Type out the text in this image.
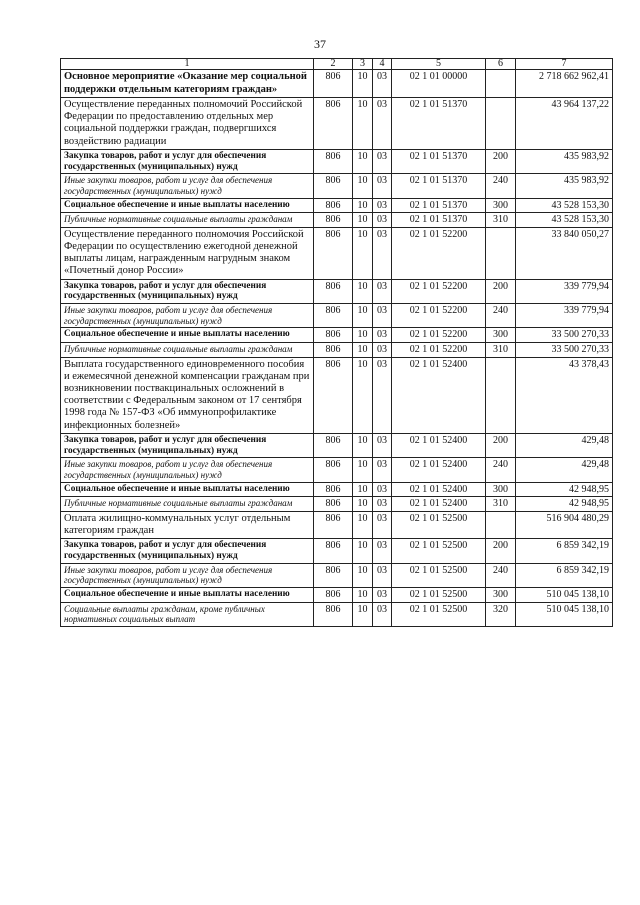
37
1	2	3	4	5	6	7
Основное мероприятие «Оказание мер социальной поддержки отдельным категориям граждан»	806	10	03	02 1 01 00000		2 718 662 962,41
Осуществление переданных полномочий Российской Федерации по предоставлению отдельных мер социальной поддержки граждан, подвергшихся воздействию радиации	806	10	03	02 1 01 51370		43 964 137,22
Закупка товаров, работ и услуг для обеспечения государственных (муниципальных) нужд	806	10	03	02 1 01 51370	200	435 983,92
Иные закупки товаров, работ и услуг для обеспечения государственных (муниципальных) нужд	806	10	03	02 1 01 51370	240	435 983,92
Социальное обеспечение и иные выплаты населению	806	10	03	02 1 01 51370	300	43 528 153,30
Публичные нормативные социальные выплаты гражданам	806	10	03	02 1 01 51370	310	43 528 153,30
Осуществление переданного полномочия Российской Федерации по осуществлению ежегодной денежной выплаты лицам, награжденным нагрудным знаком «Почетный донор России»	806	10	03	02 1 01 52200		33 840 050,27
Закупка товаров, работ и услуг для обеспечения государственных (муниципальных) нужд	806	10	03	02 1 01 52200	200	339 779,94
Иные закупки товаров, работ и услуг для обеспечения государственных (муниципальных) нужд	806	10	03	02 1 01 52200	240	339 779,94
Социальное обеспечение и иные выплаты населению	806	10	03	02 1 01 52200	300	33 500 270,33
Публичные нормативные социальные выплаты гражданам	806	10	03	02 1 01 52200	310	33 500 270,33
Выплата государственного единовременного пособия и ежемесячной денежной компенсации гражданам при возникновении поствакцинальных осложнений в соответствии с Федеральным законом от 17 сентября 1998 года № 157-ФЗ «Об иммунопрофилактике инфекционных болезней»	806	10	03	02 1 01 52400		43 378,43
Закупка товаров, работ и услуг для обеспечения государственных (муниципальных) нужд	806	10	03	02 1 01 52400	200	429,48
Иные закупки товаров, работ и услуг для обеспечения государственных (муниципальных) нужд	806	10	03	02 1 01 52400	240	429,48
Социальное обеспечение и иные выплаты населению	806	10	03	02 1 01 52400	300	42 948,95
Публичные нормативные социальные выплаты гражданам	806	10	03	02 1 01 52400	310	42 948,95
Оплата жилищно-коммунальных услуг отдельным категориям граждан	806	10	03	02 1 01 52500		516 904 480,29
Закупка товаров, работ и услуг для обеспечения государственных (муниципальных) нужд	806	10	03	02 1 01 52500	200	6 859 342,19
Иные закупки товаров, работ и услуг для обеспечения государственных (муниципальных) нужд	806	10	03	02 1 01 52500	240	6 859 342,19
Социальное обеспечение и иные выплаты населению	806	10	03	02 1 01 52500	300	510 045 138,10
Социальные выплаты гражданам, кроме публичных нормативных социальных выплат	806	10	03	02 1 01 52500	320	510 045 138,10
